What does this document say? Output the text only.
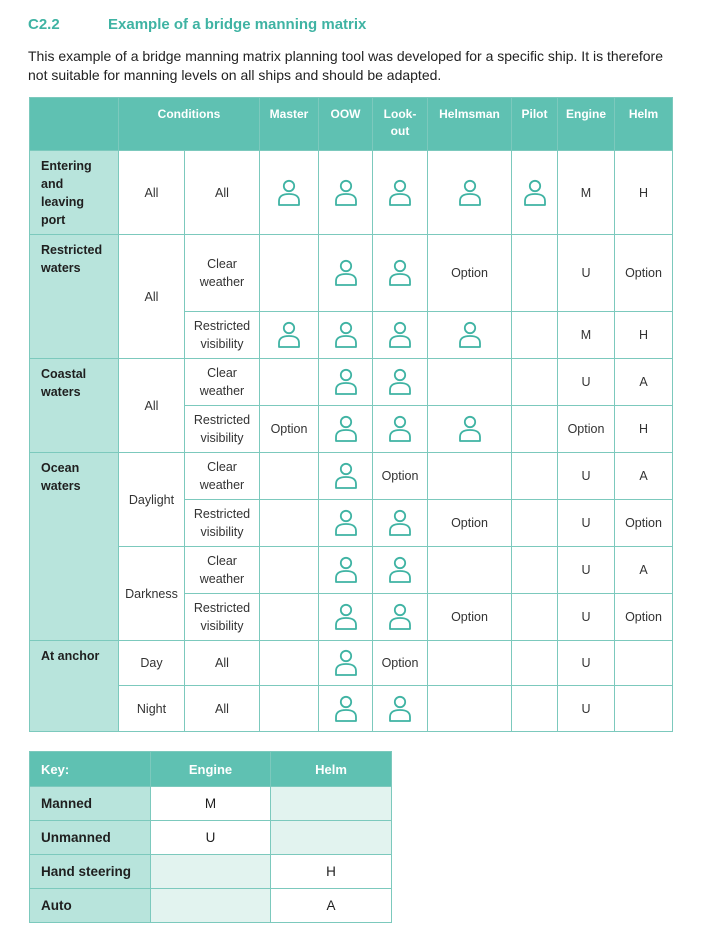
C2.2	Example of a bridge manning matrix
This example of a bridge manning matrix planning tool was developed for a specific ship. It is therefore not suitable for manning levels on all ships and should be adapted.
	Conditions		Master	OOW	Look-
out	Helmsman	Pilot	Engine	Helm
Entering
and
leaving
port	All	All						M	H
Restricted
waters	All	Clear
weather				Option		U	Option
		Restricted
visibility						M	H
Coastal
waters	All	Clear
weather						U	A
		Restricted
visibility	Option					Option	H
Ocean
waters	Daylight	Clear
weather			Option			U	A
		Restricted
visibility				Option		U	Option
	Darkness	Clear
weather						U	A
		Restricted
visibility				Option		U	Option
At anchor	Day	All			Option			U	
	Night	All						U	
Key:	Engine	Helm
Manned	M	
Unmanned	U	
Hand steering		H
Auto		A
